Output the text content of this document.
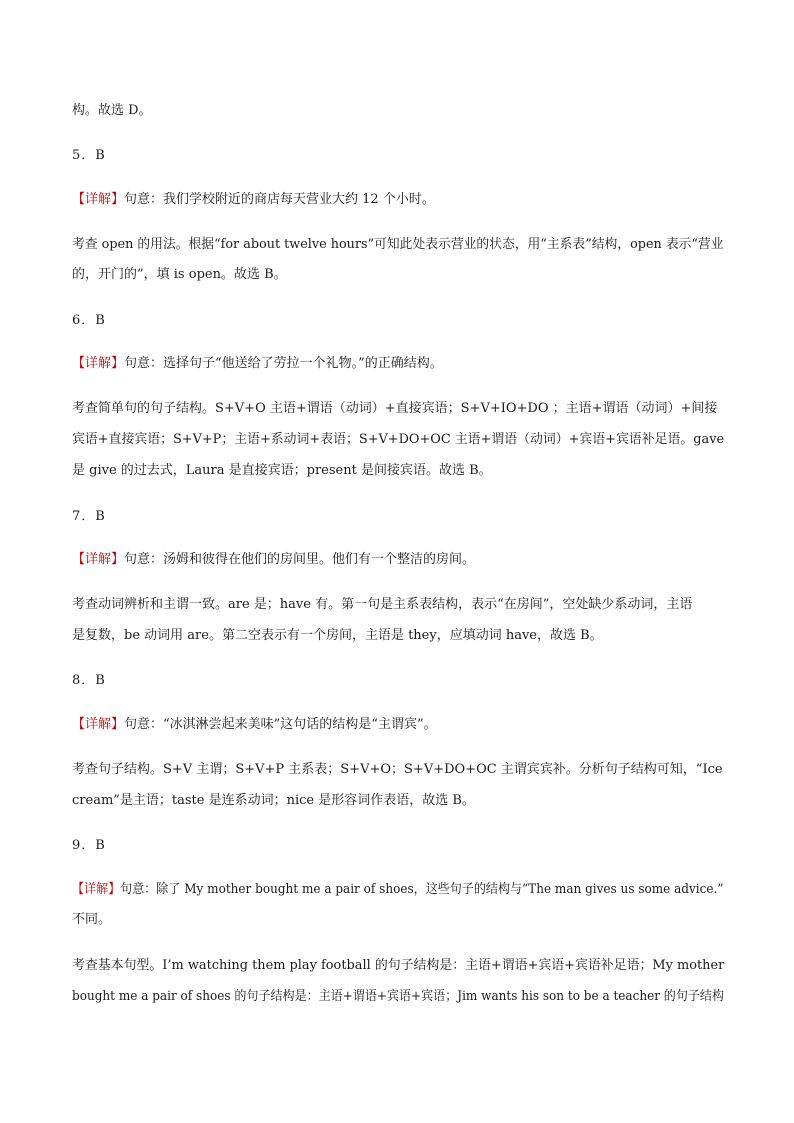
构。故选 D。

5．B

【详解】句意：我们学校附近的商店每天营业大约 12 个小时。

考查 open 的用法。根据“for about twelve hours”可知此处表示营业的状态，用“主系表”结构，open 表示“营业

的，开门的”，填 is open。故选 B。

6．B

【详解】句意：选择句子“他送给了劳拉一个礼物。”的正确结构。

考查简单句的句子结构。S+V+O 主语+谓语（动词）+直接宾语；S+V+IO+DO ；主语+谓语（动词）+间接

宾语+直接宾语；S+V+P；主语+系动词+表语；S+V+DO+OC 主语+谓语（动词）+宾语+宾语补足语。gave

是 give 的过去式，Laura 是直接宾语；present 是间接宾语。故选 B。

7．B

【详解】句意：汤姆和彼得在他们的房间里。他们有一个整洁的房间。

考查动词辨析和主谓一致。are 是；have 有。第一句是主系表结构，表示“在房间”，空处缺少系动词，主语

是复数，be 动词用 are。第二空表示有一个房间，主语是 they，应填动词 have，故选 B。

8．B

【详解】句意：“冰淇淋尝起来美味”这句话的结构是“主谓宾”。

考查句子结构。S+V 主谓；S+V+P 主系表；S+V+O；S+V+DO+OC 主谓宾宾补。分析句子结构可知，“Ice

cream”是主语；taste 是连系动词；nice 是形容词作表语，故选 B。

9．B

【详解】句意：除了 My mother bought me a pair of shoes，这些句子的结构与“The man gives us some advice.”

不同。

考查基本句型。I’m watching them play football 的句子结构是：主语+谓语+宾语+宾语补足语；My mother

bought me a pair of shoes 的句子结构是：主语+谓语+宾语+宾语；Jim wants his son to be a teacher 的句子结构
